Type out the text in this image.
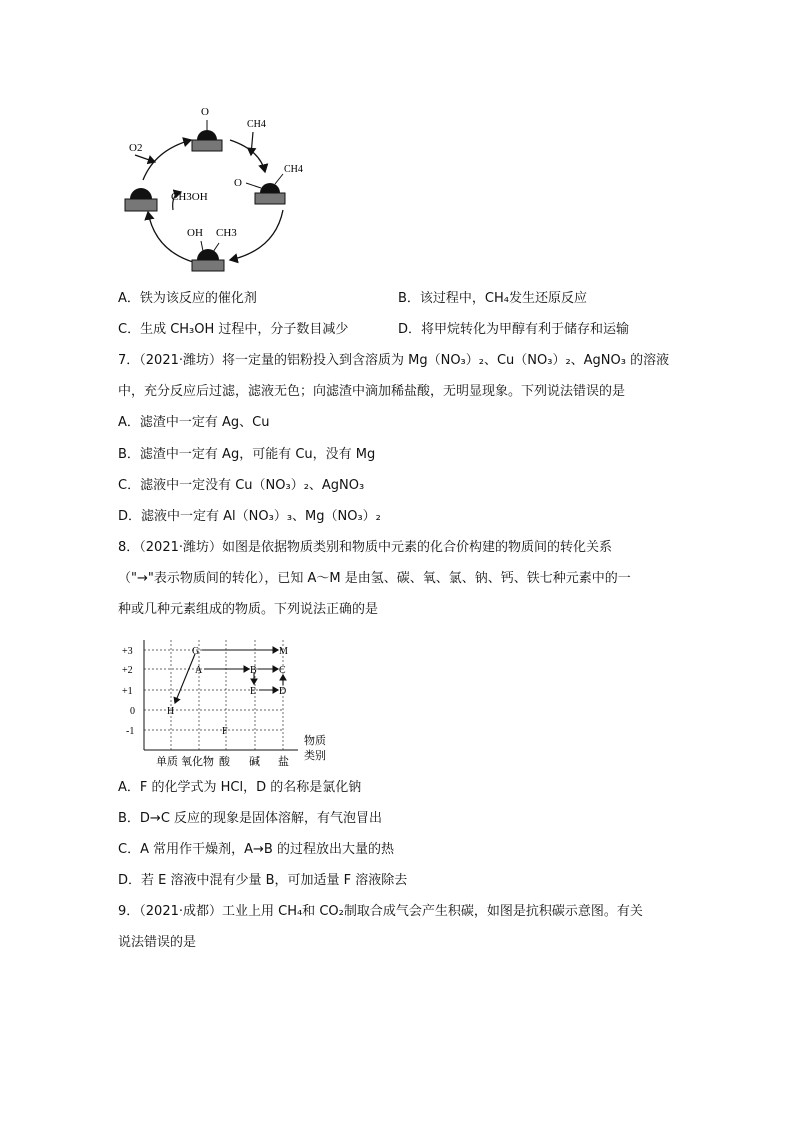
O
CH4
O
CH4
O2
CH3OH
OH CH3
A．铁为该反应的催化剂	B．该过程中，CH₄发生还原反应
C．生成 CH₃OH 过程中，分子数目减少	D．将甲烷转化为甲醇有利于储存和运输
7．（2021·潍坊）将一定量的铝粉投入到含溶质为 Mg（NO₃）₂、Cu（NO₃）₂、AgNO₃ 的溶液
中，充分反应后过滤，滤液无色；向滤渣中滴加稀盐酸，无明显现象。下列说法错误的是
A．滤渣中一定有 Ag、Cu
B．滤渣中一定有 Ag，可能有 Cu，没有 Mg
C．滤液中一定没有 Cu（NO₃）₂、AgNO₃
D．滤液中一定有 Al（NO₃）₃、Mg（NO₃）₂
8．（2021·潍坊）如图是依据物质类别和物质中元素的化合价构建的物质间的转化关系
（"→"表示物质间的转化），已知 A～M 是由氢、碳、氧、氯、钠、钙、铁七种元素中的一
种或几种元素组成的物质。下列说法正确的是
+3
+2
+1
0
-1
单质 氧化物 酸 碱 盐
物质
类别
G	M
A	B C
E D
H
F
A．F 的化学式为 HCl，D 的名称是氯化钠
B．D→C 反应的现象是固体溶解，有气泡冒出
C．A 常用作干燥剂，A→B 的过程放出大量的热
D．若 E 溶液中混有少量 B，可加适量 F 溶液除去
9．（2021·成都）工业上用 CH₄和 CO₂制取合成气会产生积碳，如图是抗积碳示意图。有关
说法错误的是
